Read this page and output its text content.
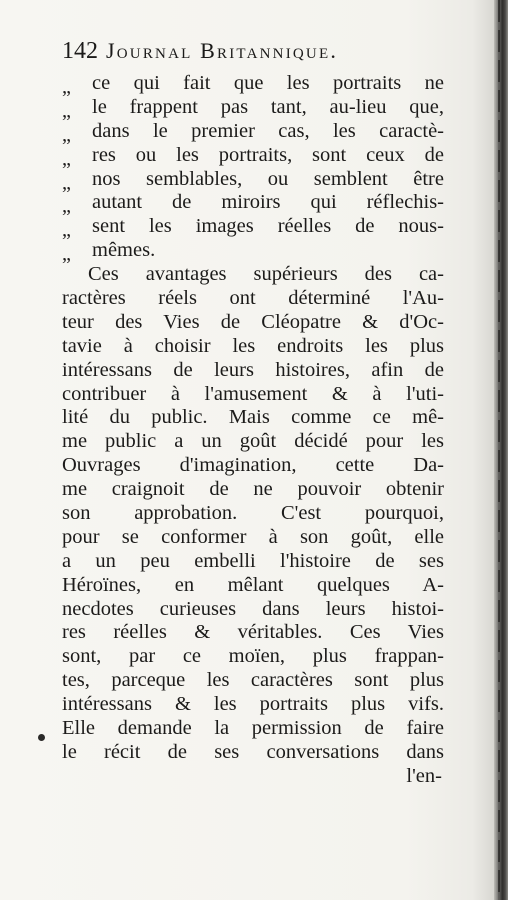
142 Journal Britannique.
„	ce qui fait que les portraits ne
„	le frappent pas tant, au-lieu que,
„	dans le premier cas, les caractè-
„	res ou les portraits, sont ceux de
„	nos semblables, ou semblent être
„	autant de miroirs qui réflechis-
„	sent les images réelles de nous-
„	mêmes.
Ces avantages supérieurs des ca-
ractères réels ont déterminé l'Au-
teur des Vies de Cléopatre & d'Oc-
tavie à choisir les endroits les plus
intéressans de leurs histoires, afin de
contribuer à l'amusement & à l'uti-
lité du public. Mais comme ce mê-
me public a un goût décidé pour les
Ouvrages d'imagination, cette Da-
me craignoit de ne pouvoir obtenir
son approbation. C'est pourquoi,
pour se conformer à son goût, elle
a un peu embelli l'histoire de ses
Héroïnes, en mêlant quelques A-
necdotes curieuses dans leurs histoi-
res réelles & véritables. Ces Vies
sont, par ce moïen, plus frappan-
tes, parceque les caractères sont plus
intéressans & les portraits plus vifs.
Elle demande la permission de faire
le récit de ses conversations dans
l'en-
